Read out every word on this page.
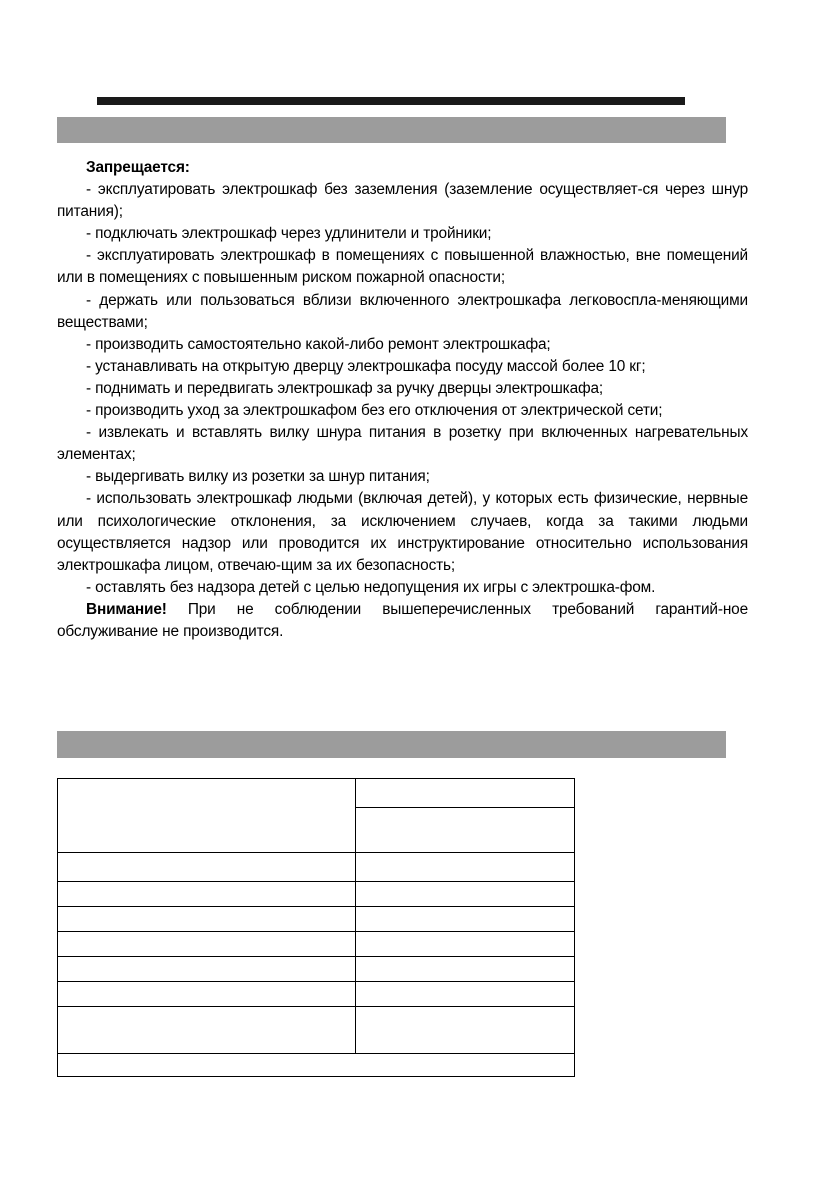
Запрещается:

- эксплуатировать электрошкаф без заземления (заземление осуществляет-ся через шнур питания);

- подключать электрошкаф через удлинители и тройники;

- эксплуатировать электрошкаф в помещениях с повышенной влажностью, вне помещений или в помещениях с повышенным риском пожарной опасности;

- держать или пользоваться вблизи включенного электрошкафа легковоспла-меняющими веществами;

- производить самостоятельно какой-либо ремонт электрошкафа;

- устанавливать на открытую дверцу электрошкафа посуду массой более 10 кг;

- поднимать и передвигать электрошкаф за ручку дверцы электрошкафа;

- производить уход за электрошкафом без его отключения от электрической сети;

- извлекать и вставлять вилку шнура питания в розетку при включенных нагревательных элементах;

- выдергивать вилку из розетки за шнур питания;

- использовать электрошкаф людьми (включая детей), у которых есть физические, нервные или психологические отклонения, за исключением случаев, когда за такими людьми осуществляется надзор или проводится их инструктирование относительно использования электрошкафа лицом, отвечаю-щим за их безопасность;

- оставлять без надзора детей с целью недопущения их игры с электрошка-фом.

Внимание! При не соблюдении вышеперечисленных требований гарантий-ное обслуживание не производится.
